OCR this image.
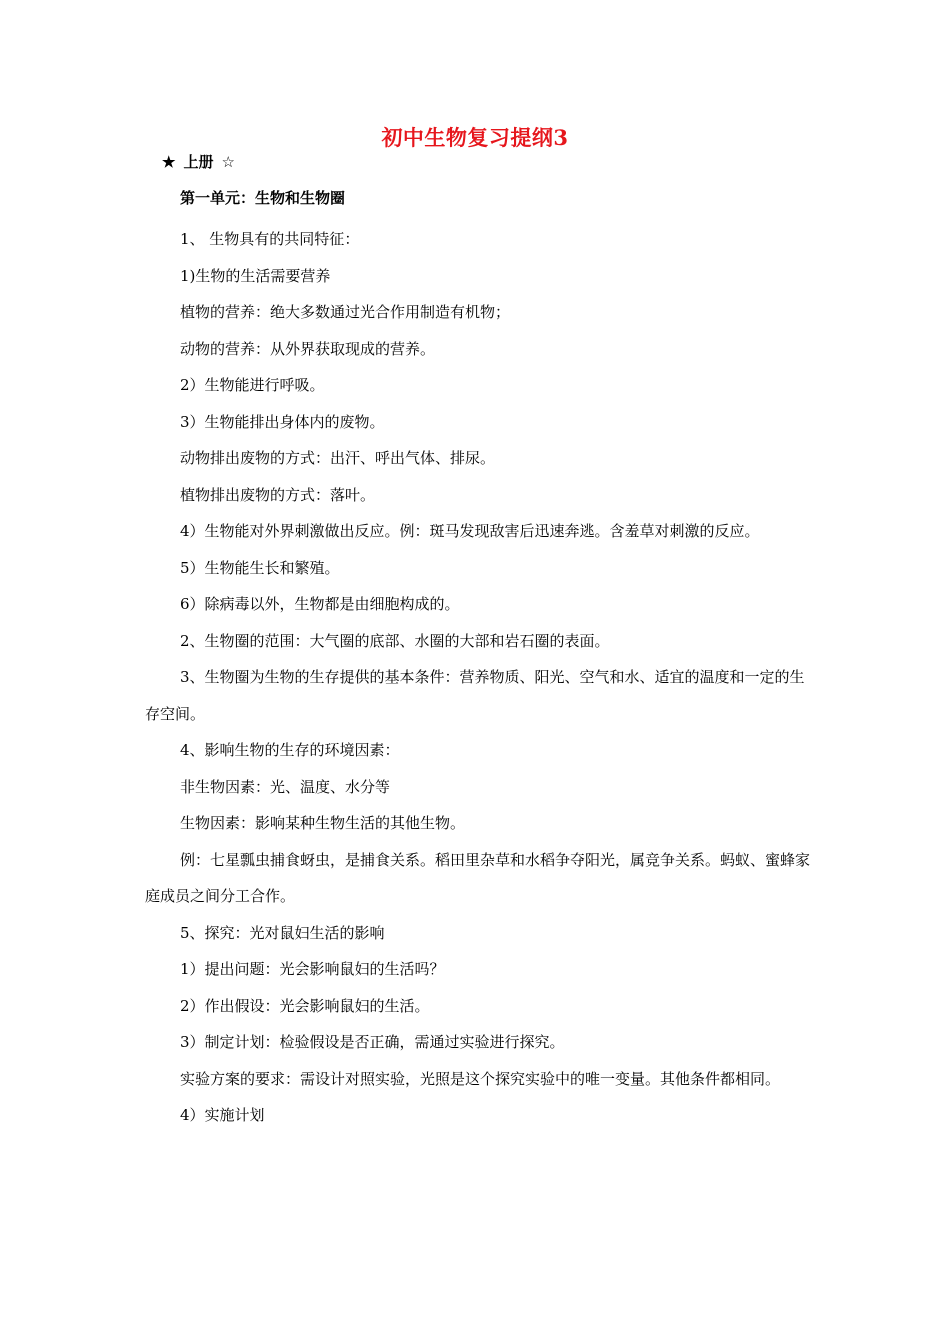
初中生物复习提纲3
★ 上册 ☆
第一单元：生物和生物圈

1、 生物具有的共同特征：

1)生物的生活需要营养

植物的营养：绝大多数通过光合作用制造有机物；

动物的营养：从外界获取现成的营养。

2）生物能进行呼吸。

3）生物能排出身体内的废物。

动物排出废物的方式：出汗、呼出气体、排尿。

植物排出废物的方式：落叶。

4）生物能对外界刺激做出反应。例：斑马发现敌害后迅速奔逃。含羞草对刺激的反应。

5）生物能生长和繁殖。

6）除病毒以外，生物都是由细胞构成的。

2、生物圈的范围：大气圈的底部、水圈的大部和岩石圈的表面。

3、生物圈为生物的生存提供的基本条件：营养物质、阳光、空气和水、适宜的温度和一定的生存空间。

4、影响生物的生存的环境因素：

非生物因素：光、温度、水分等

生物因素：影响某种生物生活的其他生物。

例：七星瓢虫捕食蚜虫，是捕食关系。稻田里杂草和水稻争夺阳光，属竞争关系。蚂蚁、蜜蜂家庭成员之间分工合作。

5、探究：光对鼠妇生活的影响

1）提出问题：光会影响鼠妇的生活吗？

2）作出假设：光会影响鼠妇的生活。

3）制定计划：检验假设是否正确，需通过实验进行探究。

实验方案的要求：需设计对照实验，光照是这个探究实验中的唯一变量。其他条件都相同。

4）实施计划
